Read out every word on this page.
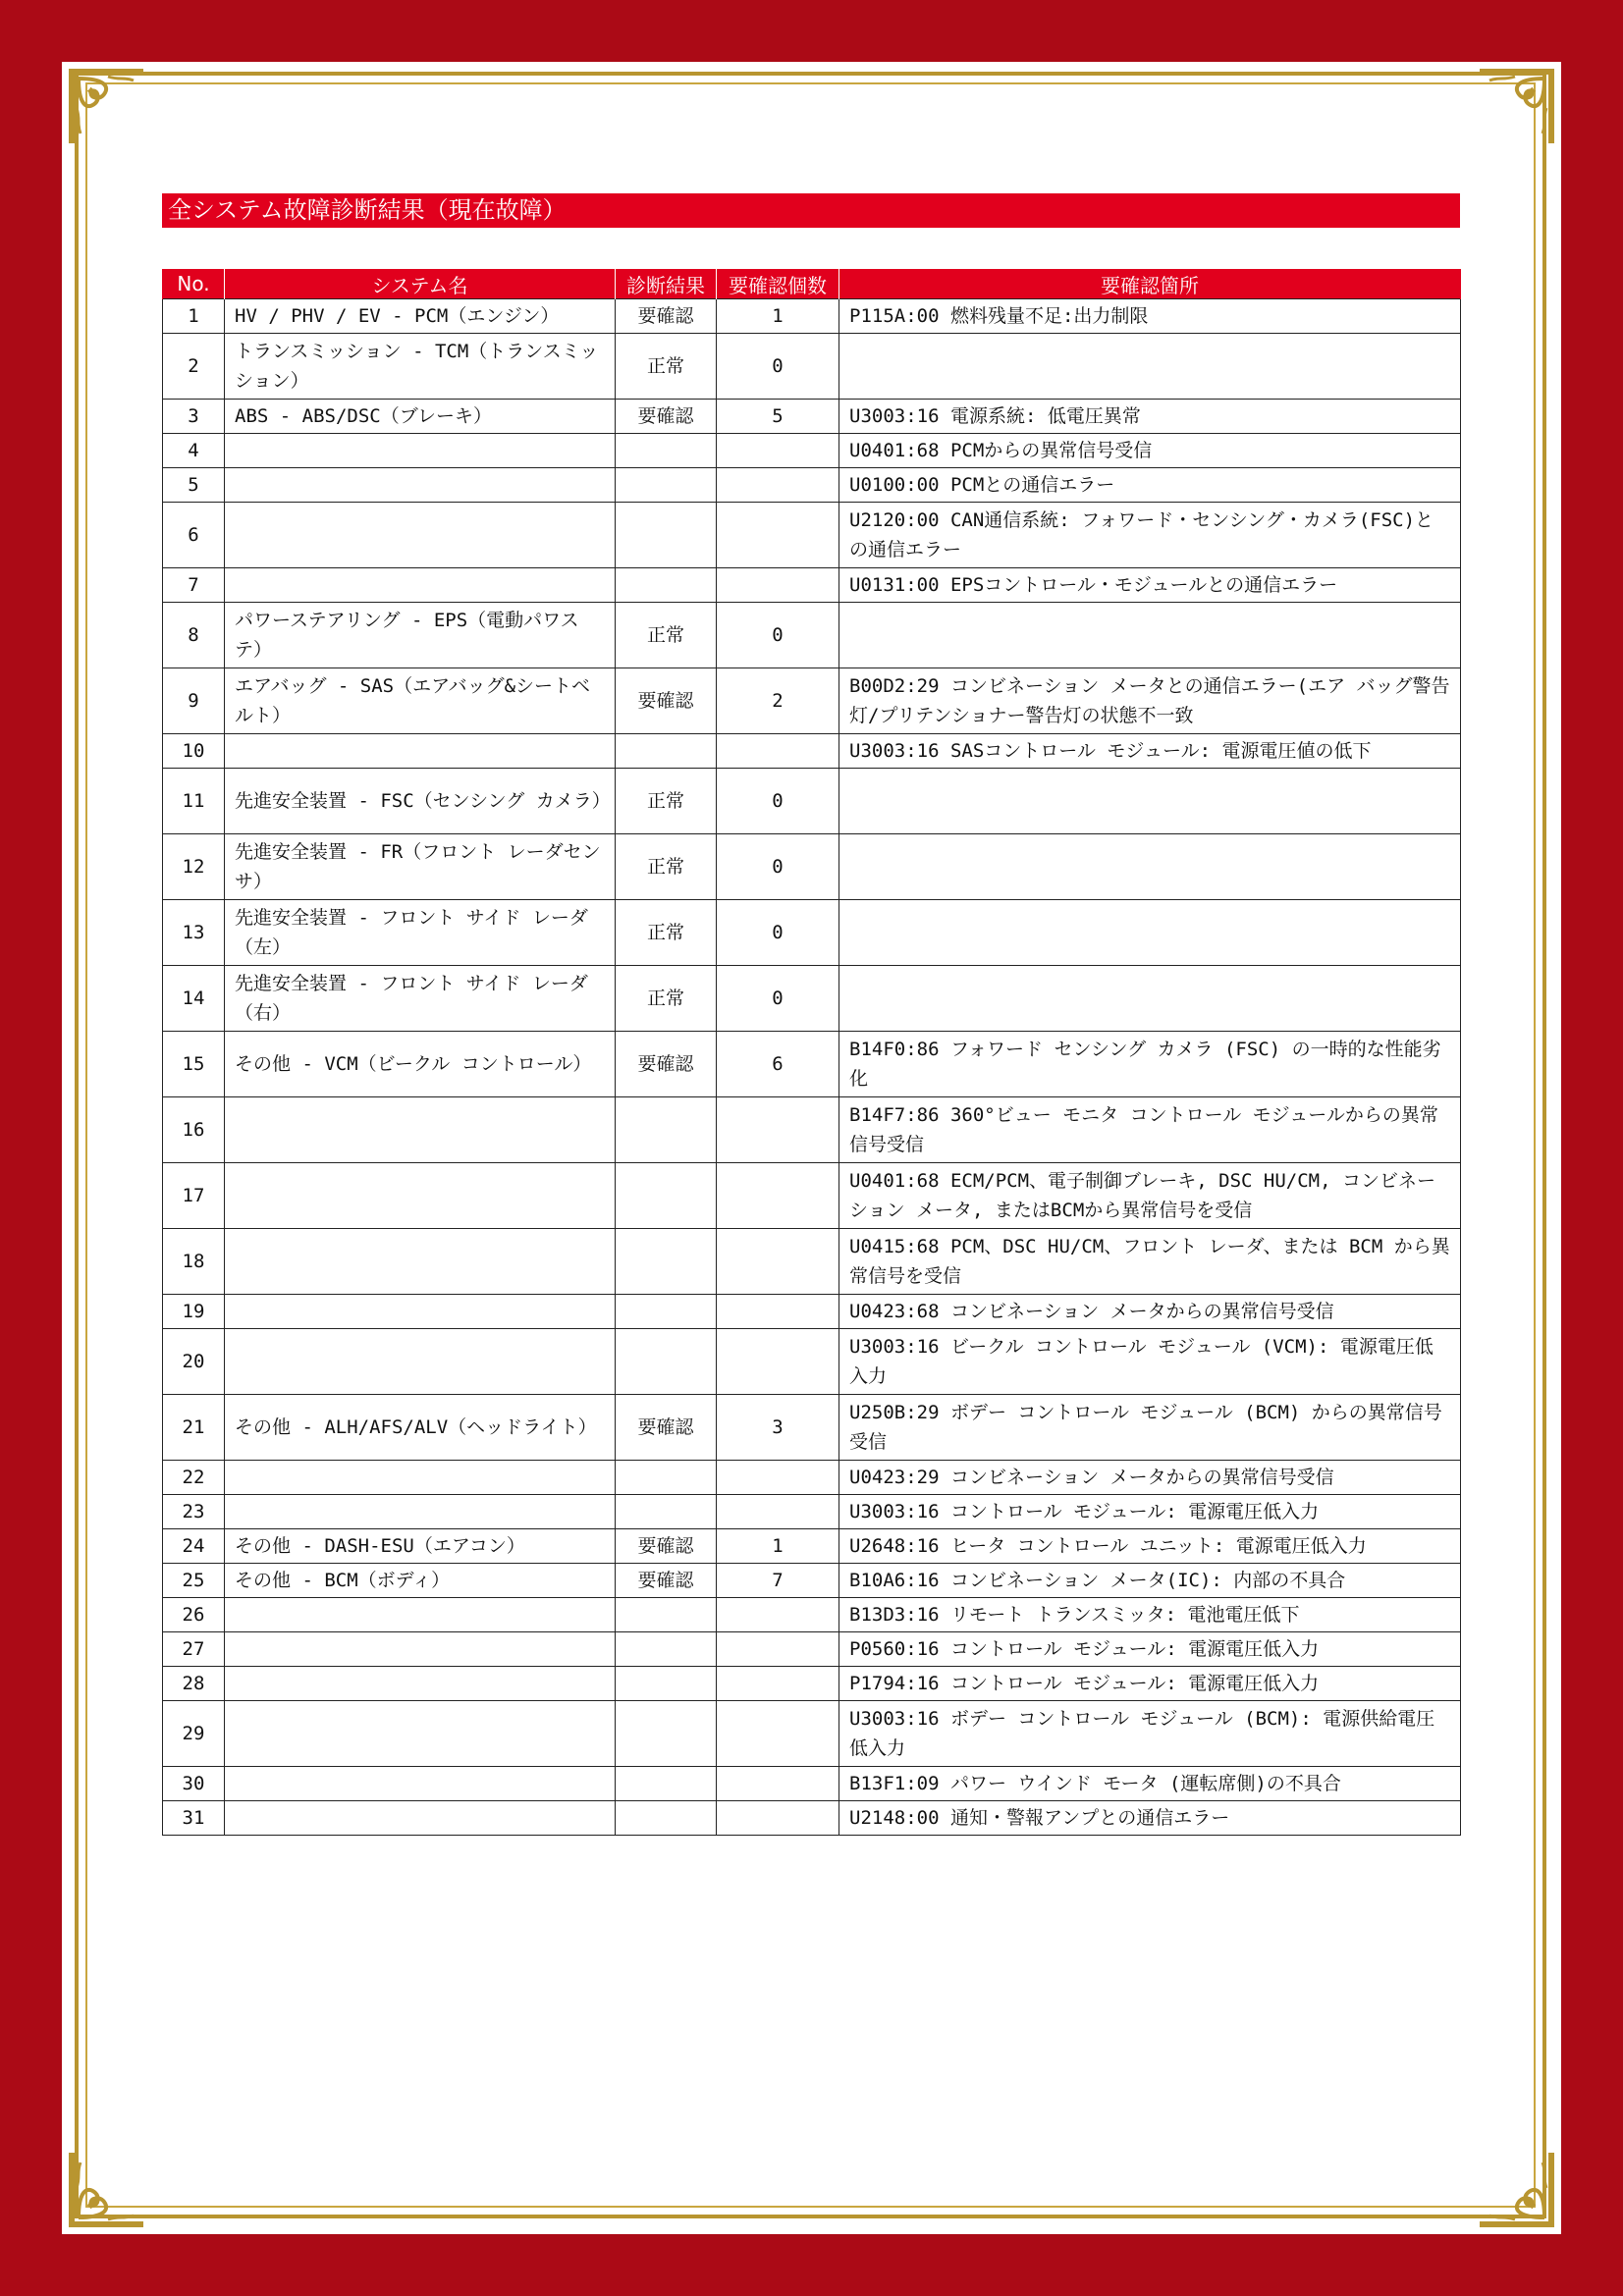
全システム故障診断結果（現在故障）
No.	システム名	診断結果	要確認個数	要確認箇所
1	HV / PHV / EV - PCM（エンジン）	要確認	1	P115A:00 燃料残量不足:出力制限
2	トランスミッション - TCM（トランスミッション）	正常	0	
3	ABS - ABS/DSC（ブレーキ）	要確認	5	U3003:16 電源系統: 低電圧異常
4				U0401:68 PCMからの異常信号受信
5				U0100:00 PCMとの通信エラー
6				U2120:00 CAN通信系統: フォワード・センシング・カメラ(FSC)との通信エラー
7				U0131:00 EPSコントロール・モジュールとの通信エラー
8	パワーステアリング - EPS（電動パワステ）	正常	0	
9	エアバッグ - SAS（エアバッグ&シートベルト）	要確認	2	B00D2:29 コンビネーション メータとの通信エラー(エア バッグ警告灯/プリテンショナー警告灯の状態不一致
10				U3003:16 SASコントロール モジュール: 電源電圧値の低下
11	先進安全装置 - FSC（センシング カメラ）	正常	0	
12	先進安全装置 - FR（フロント レーダセンサ）	正常	0	
13	先進安全装置 - フロント サイド レーダ（左）	正常	0	
14	先進安全装置 - フロント サイド レーダ（右）	正常	0	
15	その他 - VCM（ビークル コントロール）	要確認	6	B14F0:86 フォワード センシング カメラ (FSC) の一時的な性能劣化
16				B14F7:86 360°ビュー モニタ コントロール モジュールからの異常信号受信
17				U0401:68 ECM/PCM、電子制御ブレーキ, DSC HU/CM, コンビネーション メータ, またはBCMから異常信号を受信
18				U0415:68 PCM、DSC HU/CM、フロント レーダ、または BCM から異常信号を受信
19				U0423:68 コンビネーション メータからの異常信号受信
20				U3003:16 ビークル コントロール モジュール (VCM): 電源電圧低入力
21	その他 - ALH/AFS/ALV（ヘッドライト）	要確認	3	U250B:29 ボデー コントロール モジュール (BCM) からの異常信号受信
22				U0423:29 コンビネーション メータからの異常信号受信
23				U3003:16 コントロール モジュール: 電源電圧低入力
24	その他 - DASH-ESU（エアコン）	要確認	1	U2648:16 ヒータ コントロール ユニット: 電源電圧低入力
25	その他 - BCM（ボディ）	要確認	7	B10A6:16 コンビネーション メータ(IC): 内部の不具合
26				B13D3:16 リモート トランスミッタ: 電池電圧低下
27				P0560:16 コントロール モジュール: 電源電圧低入力
28				P1794:16 コントロール モジュール: 電源電圧低入力
29				U3003:16 ボデー コントロール モジュール (BCM): 電源供給電圧低入力
30				B13F1:09 パワー ウインド モータ (運転席側)の不具合
31				U2148:00 通知・警報アンプとの通信エラー
